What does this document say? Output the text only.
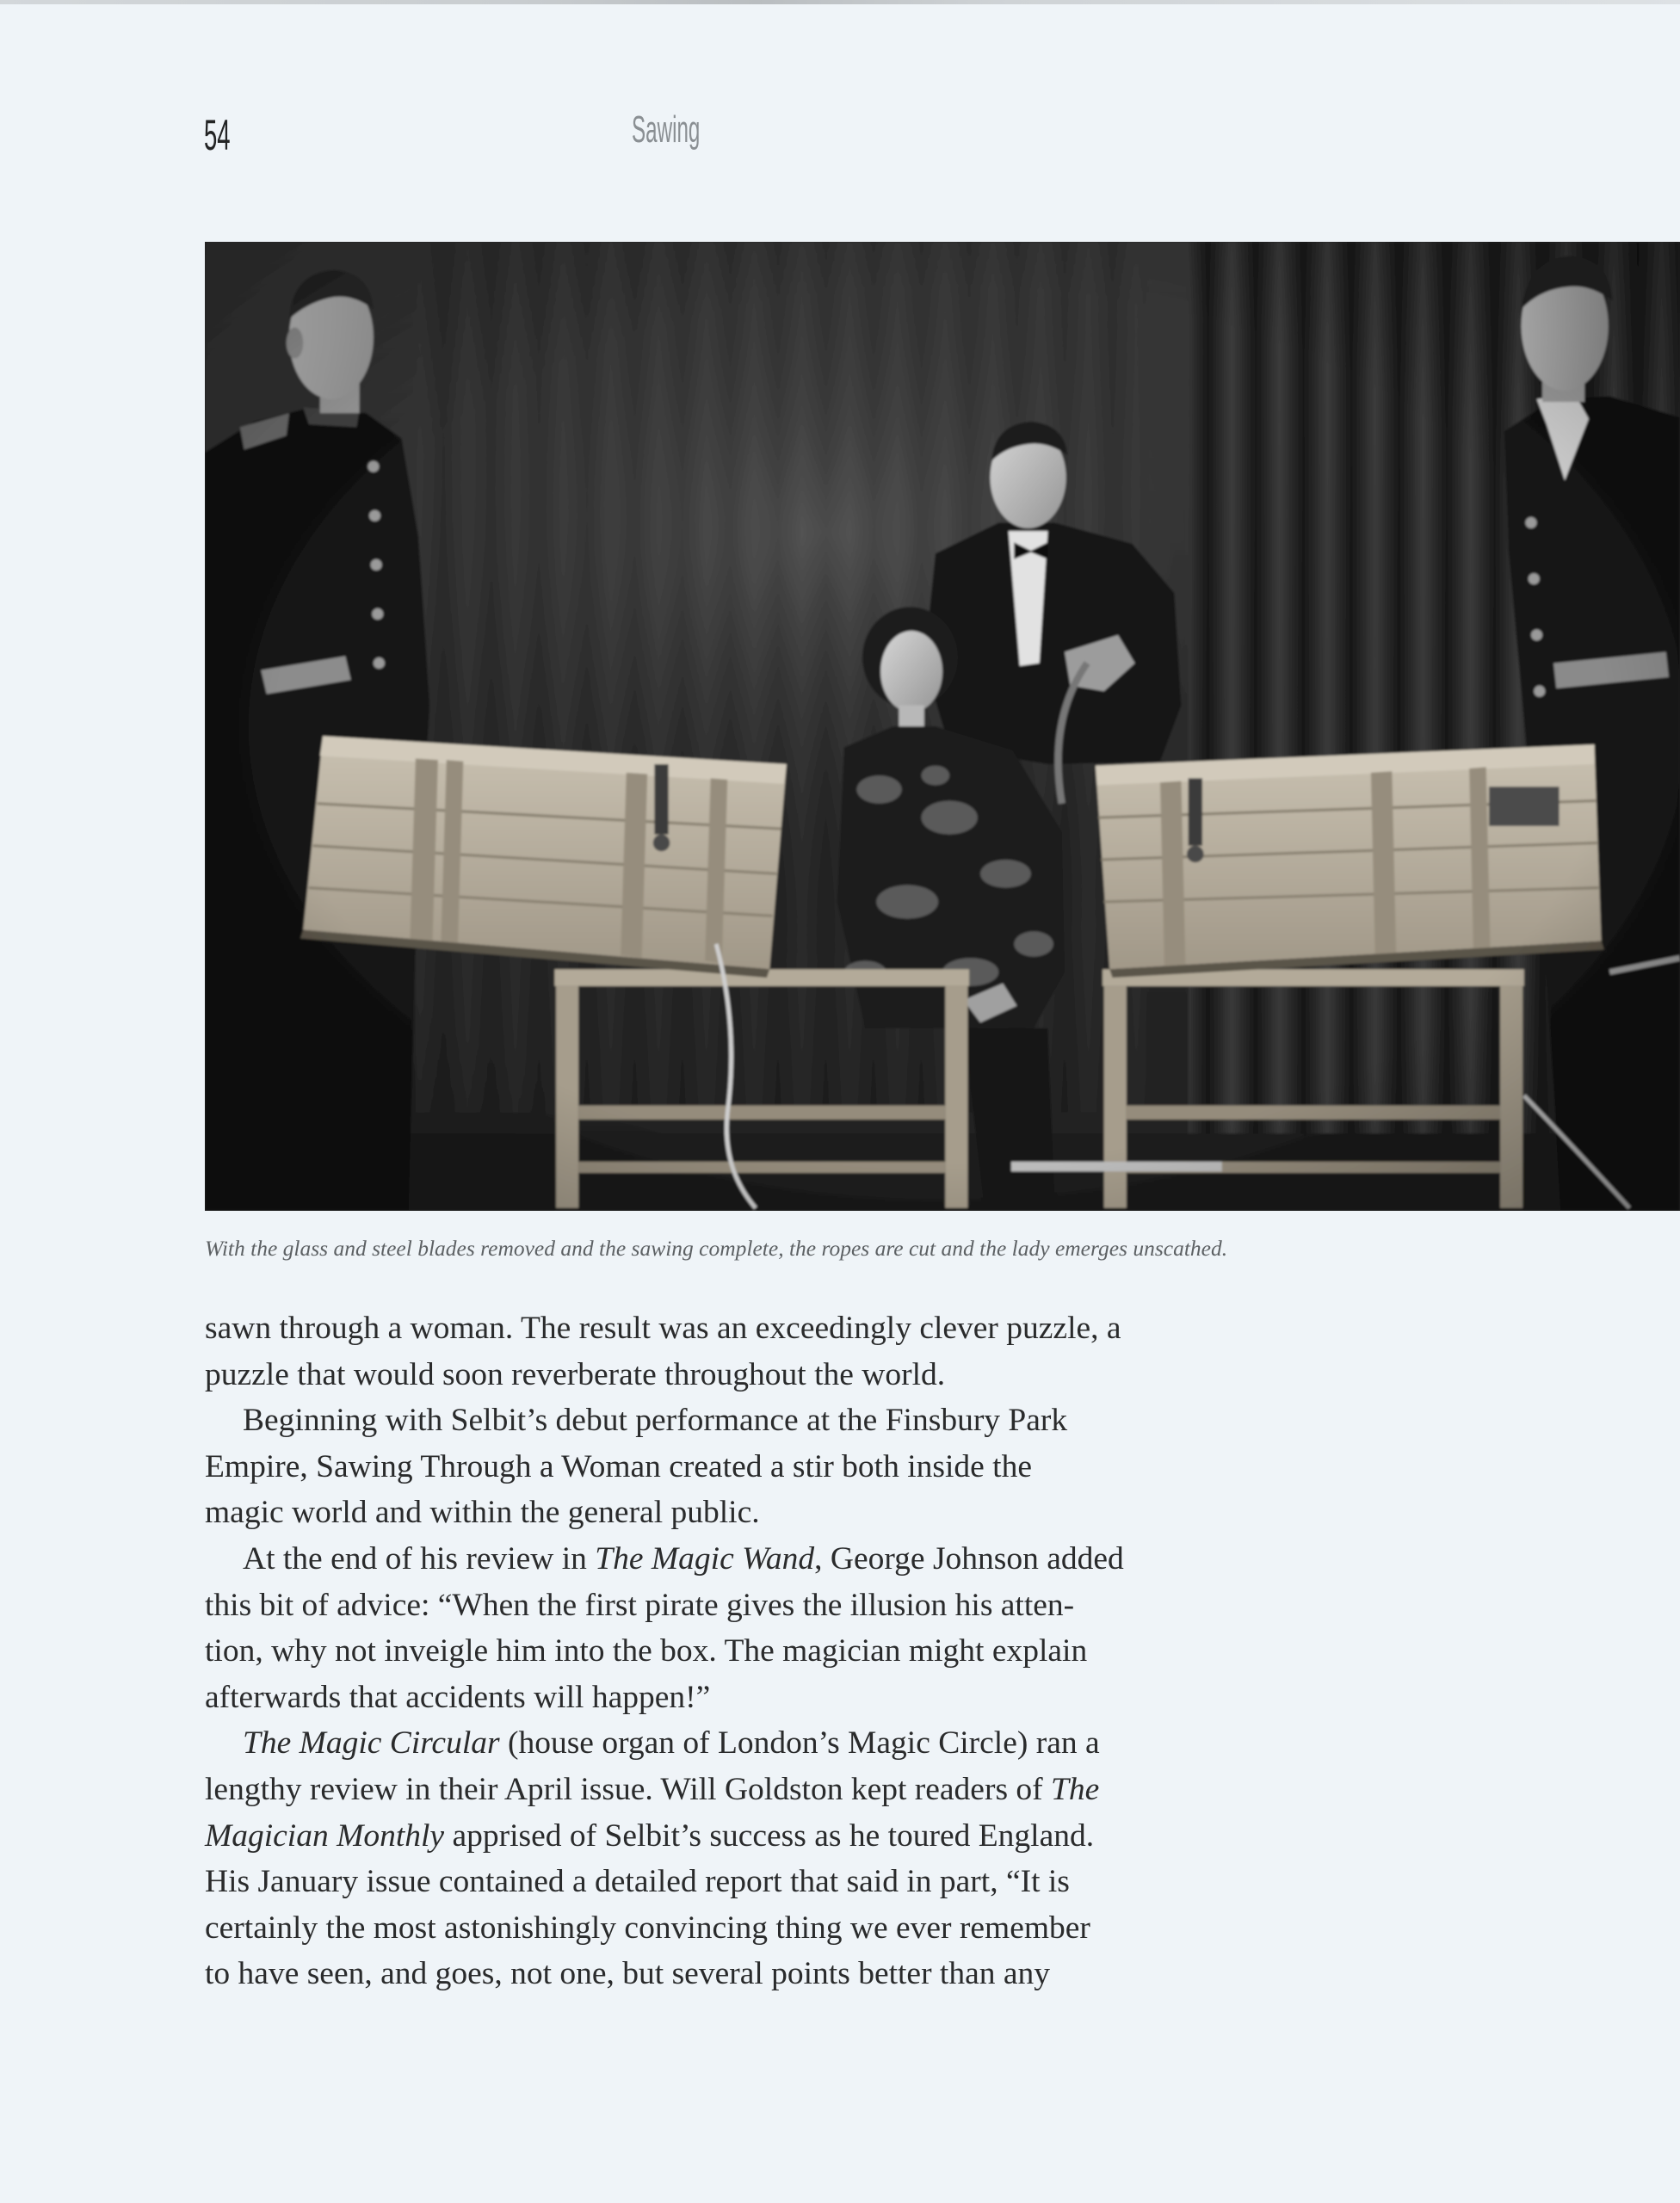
54	Sawing
With the glass and steel blades removed and the sawing complete, the ropes are cut and the lady emerges unscathed.
sawn through a woman. The result was an exceedingly clever puzzle, a
puzzle that would soon reverberate throughout the world.
Beginning with Selbit’s debut performance at the Finsbury Park
Empire, Sawing Through a Woman created a stir both inside the
magic world and within the general public.
At the end of his review in The Magic Wand, George Johnson added
this bit of advice: “When the first pirate gives the illusion his atten-
tion, why not inveigle him into the box. The magician might explain
afterwards that accidents will happen!”
The Magic Circular (house organ of London’s Magic Circle) ran a
lengthy review in their April issue. Will Goldston kept readers of The
Magician Monthly apprised of Selbit’s success as he toured England.
His January issue contained a detailed report that said in part, “It is
certainly the most astonishingly convincing thing we ever remember
to have seen, and goes, not one, but several points better than any
